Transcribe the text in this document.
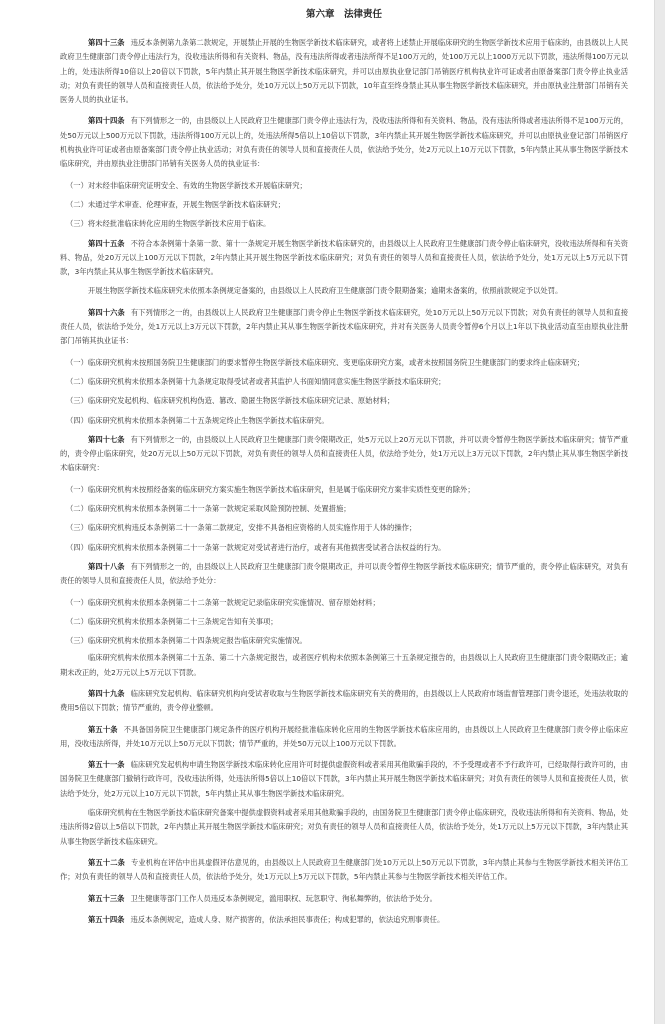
第六章　法律责任
第四十三条 违反本条例第九条第二款规定，开展禁止开展的生物医学新技术临床研究，或者将上述禁止开展临床研究的生物医学新技术应用于临床的，由县级以上人民政府卫生健康部门责令停止违法行为，没收违法所得和有关资料、物品，没有违法所得或者违法所得不足100万元的，处100万元以上1000万元以下罚款，违法所得100万元以上的，处违法所得10倍以上20倍以下罚款，5年内禁止其开展生物医学新技术临床研究，并可以由原执业登记部门吊销医疗机构执业许可证或者由原备案部门责令停止执业活动；对负有责任的领导人员和直接责任人员，依法给予处分，处10万元以上50万元以下罚款，10年直至终身禁止其从事生物医学新技术临床研究，并由原执业注册部门吊销有关医务人员的执业证书。
第四十四条 有下列情形之一的，由县级以上人民政府卫生健康部门责令停止违法行为，没收违法所得和有关资料、物品，没有违法所得或者违法所得不足100万元的，处50万元以上500万元以下罚款，违法所得100万元以上的，处违法所得5倍以上10倍以下罚款，3年内禁止其开展生物医学新技术临床研究，并可以由原执业登记部门吊销医疗机构执业许可证或者由原备案部门责令停止执业活动；对负有责任的领导人员和直接责任人员，依法给予处分，处2万元以上10万元以下罚款，5年内禁止其从事生物医学新技术临床研究，并由原执业注册部门吊销有关医务人员的执业证书：
（一）对未经非临床研究证明安全、有效的生物医学新技术开展临床研究；
（二）未通过学术审查、伦理审查，开展生物医学新技术临床研究；
（三）将未经批准临床转化应用的生物医学新技术应用于临床。
第四十五条 不符合本条例第十条第一款、第十一条规定开展生物医学新技术临床研究的，由县级以上人民政府卫生健康部门责令停止临床研究，没收违法所得和有关资料、物品，处20万元以上100万元以下罚款，2年内禁止其开展生物医学新技术临床研究；对负有责任的领导人员和直接责任人员，依法给予处分，处1万元以上5万元以下罚款，3年内禁止其从事生物医学新技术临床研究。
开展生物医学新技术临床研究未依照本条例规定备案的，由县级以上人民政府卫生健康部门责令限期备案；逾期未备案的，依照前款规定予以处罚。
第四十六条 有下列情形之一的，由县级以上人民政府卫生健康部门责令停止生物医学新技术临床研究，处10万元以上50万元以下罚款；对负有责任的领导人员和直接责任人员，依法给予处分，处1万元以上3万元以下罚款，2年内禁止其从事生物医学新技术临床研究，并对有关医务人员责令暂停6个月以上1年以下执业活动直至由原执业注册部门吊销其执业证书：
（一）临床研究机构未按照国务院卫生健康部门的要求暂停生物医学新技术临床研究、变更临床研究方案，或者未按照国务院卫生健康部门的要求终止临床研究；
（二）临床研究机构未依照本条例第十九条规定取得受试者或者其监护人书面知情同意实施生物医学新技术临床研究；
（三）临床研究发起机构、临床研究机构伪造、篡改、隐匿生物医学新技术临床研究记录、原始材料；
（四）临床研究机构未依照本条例第二十五条规定终止生物医学新技术临床研究。
第四十七条 有下列情形之一的，由县级以上人民政府卫生健康部门责令限期改正，处5万元以上20万元以下罚款，并可以责令暂停生物医学新技术临床研究；情节严重的，责令停止临床研究，处20万元以上50万元以下罚款，对负有责任的领导人员和直接责任人员，依法给予处分，处1万元以上3万元以下罚款，2年内禁止其从事生物医学新技术临床研究：
（一）临床研究机构未按照经备案的临床研究方案实施生物医学新技术临床研究，但是属于临床研究方案非实质性变更的除外；
（二）临床研究机构未依照本条例第二十一条第一款规定采取风险预防控制、处置措施；
（三）临床研究机构违反本条例第二十一条第二款规定，安排不具备相应资格的人员实施作用于人体的操作；
（四）临床研究机构未依照本条例第二十一条第一款规定对受试者进行治疗，或者有其他损害受试者合法权益的行为。
第四十八条 有下列情形之一的，由县级以上人民政府卫生健康部门责令限期改正，并可以责令暂停生物医学新技术临床研究；情节严重的，责令停止临床研究，对负有责任的领导人员和直接责任人员，依法给予处分：
（一）临床研究机构未依照本条例第二十二条第一款规定记录临床研究实施情况、留存原始材料；
（二）临床研究机构未依照本条例第二十三条规定告知有关事项；
（三）临床研究机构未依照本条例第二十四条规定报告临床研究实施情况。
临床研究机构未依照本条例第二十五条、第二十六条规定报告，或者医疗机构未依照本条例第三十五条规定报告的，由县级以上人民政府卫生健康部门责令限期改正；逾期未改正的，处2万元以上5万元以下罚款。
第四十九条 临床研究发起机构、临床研究机构向受试者收取与生物医学新技术临床研究有关的费用的，由县级以上人民政府市场监督管理部门责令退还，处违法收取的费用5倍以下罚款；情节严重的，责令停业整顿。
第五十条 不具备国务院卫生健康部门规定条件的医疗机构开展经批准临床转化应用的生物医学新技术临床应用的，由县级以上人民政府卫生健康部门责令停止临床应用，没收违法所得，并处10万元以上50万元以下罚款；情节严重的，并处50万元以上100万元以下罚款。
第五十一条 临床研究发起机构申请生物医学新技术临床转化应用许可时提供虚假资料或者采用其他欺骗手段的，不予受理或者不予行政许可，已经取得行政许可的，由国务院卫生健康部门撤销行政许可，没收违法所得，处违法所得5倍以上10倍以下罚款，3年内禁止其开展生物医学新技术临床研究；对负有责任的领导人员和直接责任人员，依法给予处分，处2万元以上10万元以下罚款，5年内禁止其从事生物医学新技术临床研究。
临床研究机构在生物医学新技术临床研究备案中提供虚假资料或者采用其他欺骗手段的，由国务院卫生健康部门责令停止临床研究，没收违法所得和有关资料、物品，处违法所得2倍以上5倍以下罚款，2年内禁止其开展生物医学新技术临床研究；对负有责任的领导人员和直接责任人员，依法给予处分，处1万元以上5万元以下罚款，3年内禁止其从事生物医学新技术临床研究。
第五十二条 专业机构在评估中出具虚假评估意见的，由县级以上人民政府卫生健康部门处10万元以上50万元以下罚款，3年内禁止其参与生物医学新技术相关评估工作；对负有责任的领导人员和直接责任人员，依法给予处分，处1万元以上5万元以下罚款，5年内禁止其参与生物医学新技术相关评估工作。
第五十三条 卫生健康等部门工作人员违反本条例规定，滥用职权、玩忽职守、徇私舞弊的，依法给予处分。
第五十四条 违反本条例规定，造成人身、财产损害的，依法承担民事责任；构成犯罪的，依法追究刑事责任。
